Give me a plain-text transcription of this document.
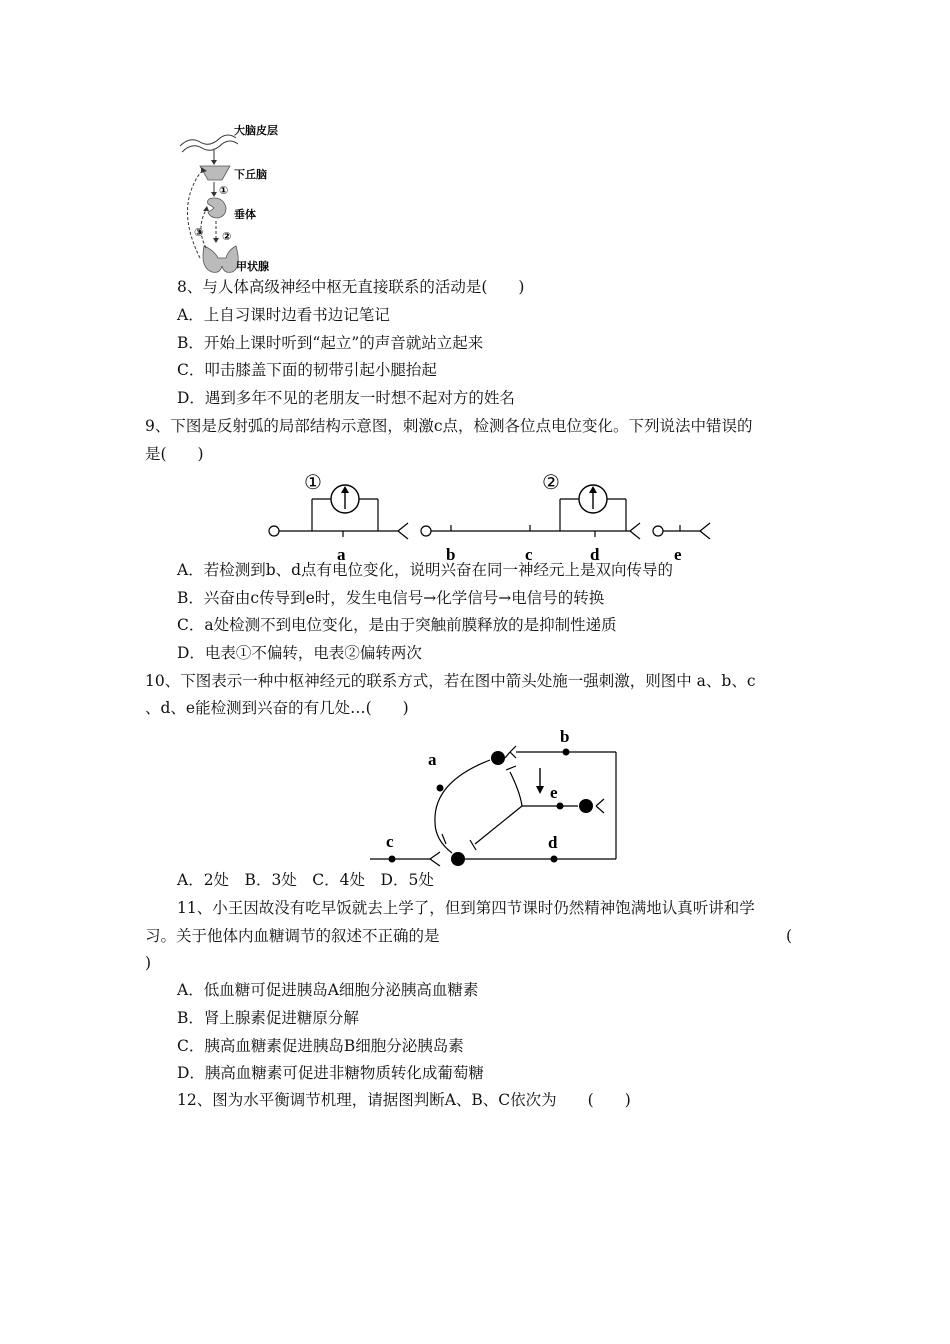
大脑皮层
下丘脑
①
垂体
②
甲状腺
③
8、与人体高级神经中枢无直接联系的活动是(　　)
A．上自习课时边看书边记笔记
B．开始上课时听到“起立”的声音就站立起来
C．叩击膝盖下面的韧带引起小腿抬起
D．遇到多年不见的老朋友一时想不起对方的姓名
9、下图是反射弧的局部结构示意图，刺激c点，检测各位点电位变化。下列说法中错误的
是(　　)
①
a	b	c
②
d	e
A．若检测到b、d点有电位变化，说明兴奋在同一神经元上是双向传导的
B．兴奋由c传导到e时，发生电信号→化学信号→电信号的转换
C．a处检测不到电位变化，是由于突触前膜释放的是抑制性递质
D．电表①不偏转，电表②偏转两次
10、下图表示一种中枢神经元的联系方式，若在图中箭头处施一强刺激，则图中 a、b、c
、d、e能检测到兴奋的有几处…(　　)
c	d
b
a
e
A．2处　B．3处　C．4处　D．5处
11、小王因故没有吃早饭就去上学了，但到第四节课时仍然精神饱满地认真听讲和学
习。关于他体内血糖调节的叙述不正确的是	(
)
A．低血糖可促进胰岛A细胞分泌胰高血糖素
B．肾上腺素促进糖原分解
C．胰高血糖素促进胰岛B细胞分泌胰岛素
D．胰高血糖素可促进非糖物质转化成葡萄糖
12、图为水平衡调节机理，请据图判断A、B、C依次为　　(　　)
